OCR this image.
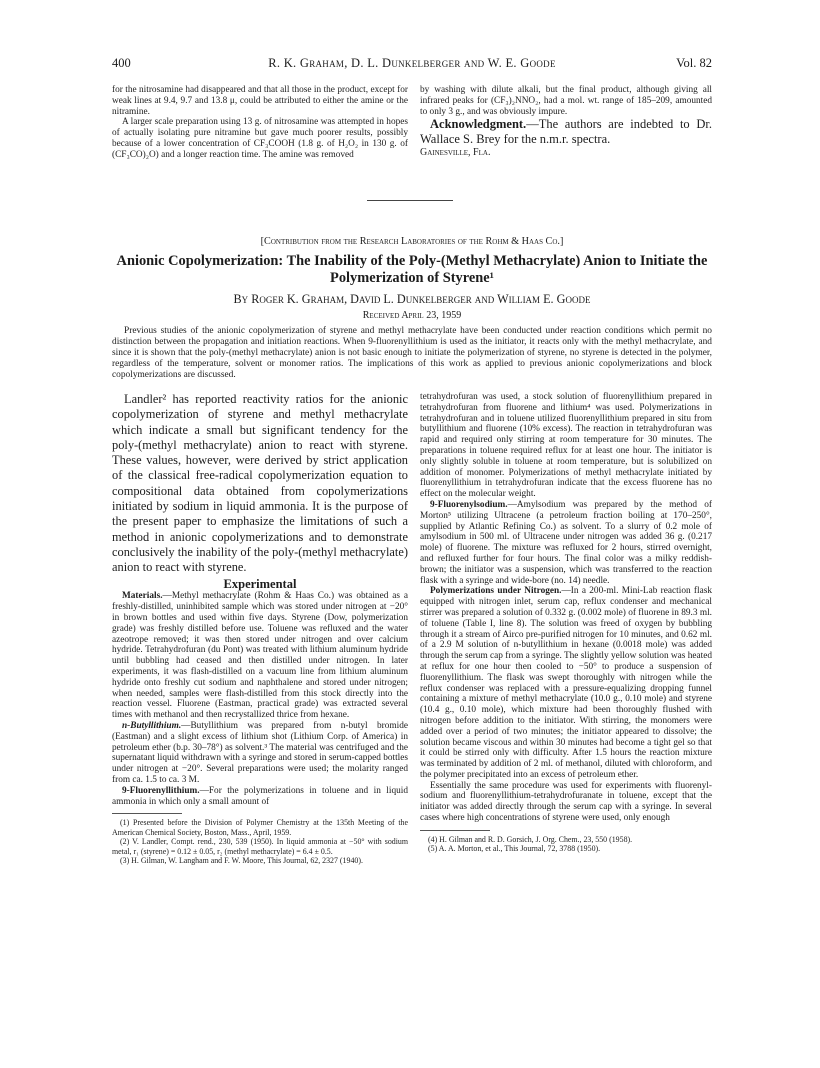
400	R. K. Graham, D. L. Dunkelberger and W. E. Goode	Vol. 82

for the nitrosamine had disappeared and that all those in the product, except for weak lines at 9.4, 9.7 and 13.8 μ, could be attributed to either the amine or the nitramine.

A larger scale preparation using 13 g. of nitrosamine was attempted in hopes of actually isolating pure nitramine but gave much poorer results, possibly because of a lower concentration of CF₃COOH (1.8 g. of H₂O₂ in 130 g. of (CF₃CO)₂O) and a longer reaction time. The amine was removed

by washing with dilute alkali, but the final product, although giving all infrared peaks for (CF₃)₂NNO₂, had a mol. wt. range of 185–209, amounted to only 3 g., and was obviously impure.

Acknowledgment.—The authors are indebted to Dr. Wallace S. Brey for the n.m.r. spectra.

Gainesville, Fla.
[Contribution from the Research Laboratories of the Rohm & Haas Co.]
Anionic Copolymerization: The Inability of the Poly-(Methyl Methacrylate) Anion to Initiate the Polymerization of Styrene¹
By Roger K. Graham, David L. Dunkelberger and William E. Goode
Received April 23, 1959

Previous studies of the anionic copolymerization of styrene and methyl methacrylate have been conducted under reaction conditions which permit no distinction between the propagation and initiation reactions. When 9-fluorenyllithium is used as the initiator, it reacts only with the methyl methacrylate, and since it is shown that the poly-(methyl methacrylate) anion is not basic enough to initiate the polymerization of styrene, no styrene is detected in the polymer, regardless of the temperature, solvent or monomer ratios. The implications of this work as applied to previous anionic copolymerizations and block copolymerizations are discussed.

Landler² has reported reactivity ratios for the anionic copolymerization of styrene and methyl methacrylate which indicate a small but significant tendency for the poly-(methyl methacrylate) anion to react with styrene. These values, however, were derived by strict application of the classical free-radical copolymerization equation to compositional data obtained from copolymerizations initiated by sodium in liquid ammonia. It is the purpose of the present paper to emphasize the limitations of such a method in anionic copolymerizations and to demonstrate conclusively the inability of the poly-(methyl methacrylate) anion to react with styrene.

Experimental

Materials.—Methyl methacrylate (Rohm & Haas Co.) was obtained as a freshly-distilled, uninhibited sample which was stored under nitrogen at −20° in brown bottles and used within five days. Styrene (Dow, polymerization grade) was freshly distilled before use. Toluene was refluxed and the water azeotrope removed; it was then stored under nitrogen and over calcium hydride. Tetrahydrofuran (du Pont) was treated with lithium aluminum hydride until bubbling had ceased and then distilled under nitrogen. In later experiments, it was flash-distilled on a vacuum line from lithium aluminum hydride onto freshly cut sodium and naphthalene and stored under nitrogen; when needed, samples were flash-distilled from this stock directly into the reaction vessel. Fluorene (Eastman, practical grade) was extracted several times with methanol and then recrystallized thrice from hexane.

n-Butyllithium.—Butyllithium was prepared from n-butyl bromide (Eastman) and a slight excess of lithium shot (Lithium Corp. of America) in petroleum ether (b.p. 30–78°) as solvent.³ The material was centrifuged and the supernatant liquid withdrawn with a syringe and stored in serum-capped bottles under nitrogen at −20°. Several preparations were used; the molarity ranged from ca. 1.5 to ca. 3 M.

9-Fluorenyllithium.—For the polymerizations in toluene and in liquid ammonia in which only a small amount of

(1) Presented before the Division of Polymer Chemistry at the 135th Meeting of the American Chemical Society, Boston, Mass., April, 1959.

(2) V. Landler, Compt. rend., 230, 539 (1950). In liquid ammonia at −50° with sodium metal, r₁ (styrene) = 0.12 ± 0.05, r₂ (methyl methacrylate) = 6.4 ± 0.5.

(3) H. Gilman, W. Langham and F. W. Moore, This Journal, 62, 2327 (1940).

tetrahydrofuran was used, a stock solution of fluorenyllithium prepared in tetrahydrofuran from fluorene and lithium⁴ was used. Polymerizations in tetrahydrofuran and in toluene utilized fluorenyllithium prepared in situ from butyllithium and fluorene (10% excess). The reaction in tetrahydrofuran was rapid and required only stirring at room temperature for 30 minutes. The preparations in toluene required reflux for at least one hour. The initiator is only slightly soluble in toluene at room temperature, but is solubilized on addition of monomer. Polymerizations of methyl methacrylate initiated by fluorenyllithium in tetrahydrofuran indicate that the excess fluorene has no effect on the molecular weight.

9-Fluorenylsodium.—Amylsodium was prepared by the method of Morton⁵ utilizing Ultracene (a petroleum fraction boiling at 170–250°, supplied by Atlantic Refining Co.) as solvent. To a slurry of 0.2 mole of amylsodium in 500 ml. of Ultracene under nitrogen was added 36 g. (0.217 mole) of fluorene. The mixture was refluxed for 2 hours, stirred overnight, and refluxed further for four hours. The final color was a milky reddish-brown; the initiator was a suspension, which was transferred to the reaction flask with a syringe and wide-bore (no. 14) needle.

Polymerizations under Nitrogen.—In a 200-ml. Mini-Lab reaction flask equipped with nitrogen inlet, serum cap, reflux condenser and mechanical stirrer was prepared a solution of 0.332 g. (0.002 mole) of fluorene in 89.3 ml. of toluene (Table I, line 8). The solution was freed of oxygen by bubbling through it a stream of Airco pre-purified nitrogen for 10 minutes, and 0.62 ml. of a 2.9 M solution of n-butyllithium in hexane (0.0018 mole) was added through the serum cap from a syringe. The slightly yellow solution was heated at reflux for one hour then cooled to −50° to produce a suspension of fluorenyllithium. The flask was swept thoroughly with nitrogen while the reflux condenser was replaced with a pressure-equalizing dropping funnel containing a mixture of methyl methacrylate (10.0 g., 0.10 mole) and styrene (10.4 g., 0.10 mole), which mixture had been thoroughly flushed with nitrogen before addition to the initiator. With stirring, the monomers were added over a period of two minutes; the initiator appeared to dissolve; the solution became viscous and within 30 minutes had become a tight gel so that it could be stirred only with difficulty. After 1.5 hours the reaction mixture was terminated by addition of 2 ml. of methanol, diluted with chloroform, and the polymer precipitated into an excess of petroleum ether.

Essentially the same procedure was used for experiments with fluorenyl-sodium and fluorenyllithium-tetrahydrofuranate in toluene, except that the initiator was added directly through the serum cap with a syringe. In several cases where high concentrations of styrene were used, only enough

(4) H. Gilman and R. D. Gorsich, J. Org. Chem., 23, 550 (1958).

(5) A. A. Morton, et al., This Journal, 72, 3788 (1950).
